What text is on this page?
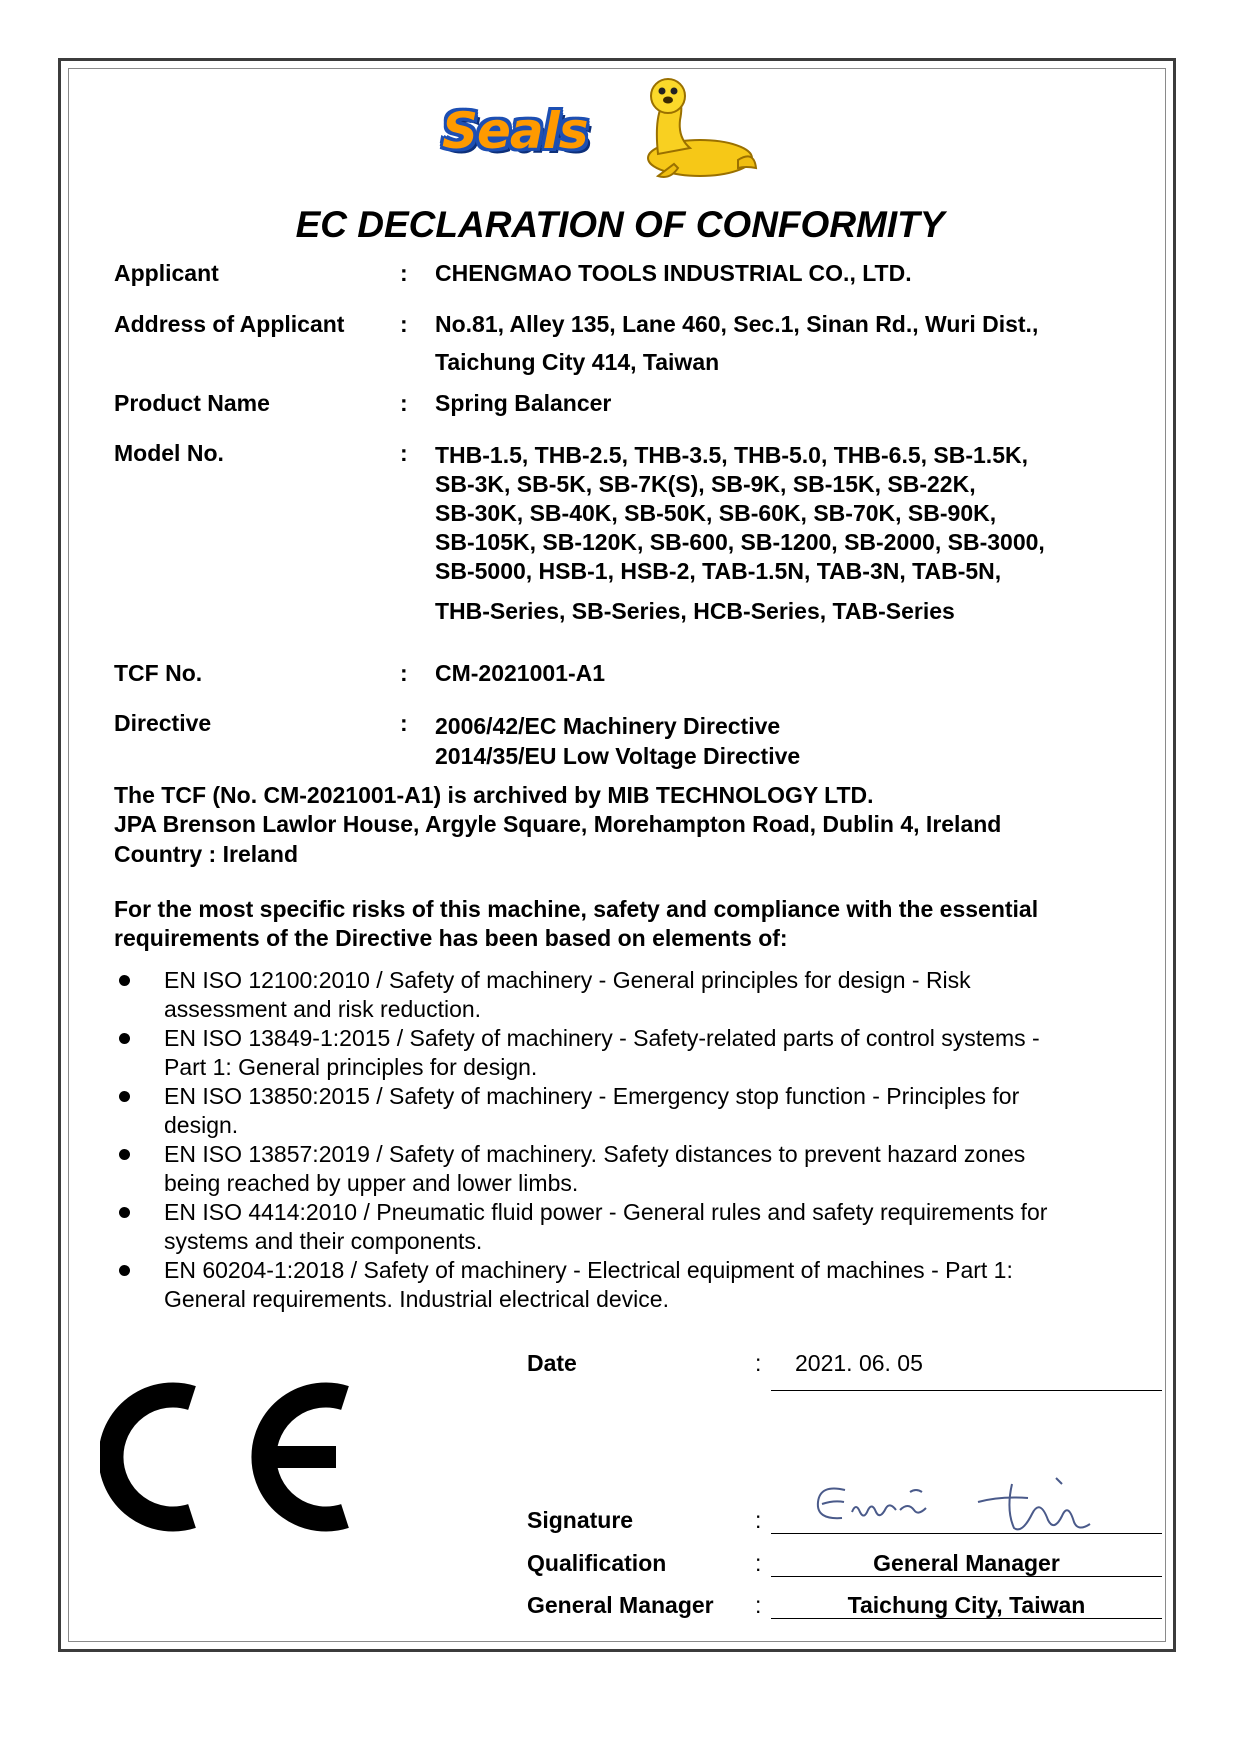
Seals
EC DECLARATION OF CONFORMITY
Applicant	: CHENGMAO TOOLS INDUSTRIAL CO., LTD.
Address of Applicant : No.81, Alley 135, Lane 460, Sec.1, Sinan Rd., Wuri Dist.,
Taichung City 414, Taiwan
Product Name	: Spring Balancer
Model No.	: THB-1.5, THB-2.5, THB-3.5, THB-5.0, THB-6.5, SB-1.5K,
SB-3K, SB-5K, SB-7K(S), SB-9K, SB-15K, SB-22K,
SB-30K, SB-40K, SB-50K, SB-60K, SB-70K, SB-90K,
SB-105K, SB-120K, SB-600, SB-1200, SB-2000, SB-3000,
SB-5000, HSB-1, HSB-2, TAB-1.5N, TAB-3N, TAB-5N,
THB-Series, SB-Series, HCB-Series, TAB-Series
TCF No.	: CM-2021001-A1
Directive	: 2006/42/EC Machinery Directive
2014/35/EU Low Voltage Directive
The TCF (No. CM-2021001-A1) is archived by MIB TECHNOLOGY LTD.
JPA Brenson Lawlor House, Argyle Square, Morehampton Road, Dublin 4, Ireland
Country : Ireland
For the most specific risks of this machine, safety and compliance with the essential
requirements of the Directive has been based on elements of:
EN ISO 12100:2010 / Safety of machinery - General principles for design - Risk
assessment and risk reduction.
EN ISO 13849-1:2015 / Safety of machinery - Safety-related parts of control systems -
Part 1: General principles for design.
EN ISO 13850:2015 / Safety of machinery - Emergency stop function - Principles for
design.
EN ISO 13857:2019 / Safety of machinery. Safety distances to prevent hazard zones
being reached by upper and lower limbs.
EN ISO 4414:2010 / Pneumatic fluid power - General rules and safety requirements for
systems and their components.
EN 60204-1:2018 / Safety of machinery - Electrical equipment of machines - Part 1:
General requirements. Industrial electrical device.
Date	: 2021. 06. 05
Signature	:
Qualification	:	General Manager
General Manager :	Taichung City, Taiwan
